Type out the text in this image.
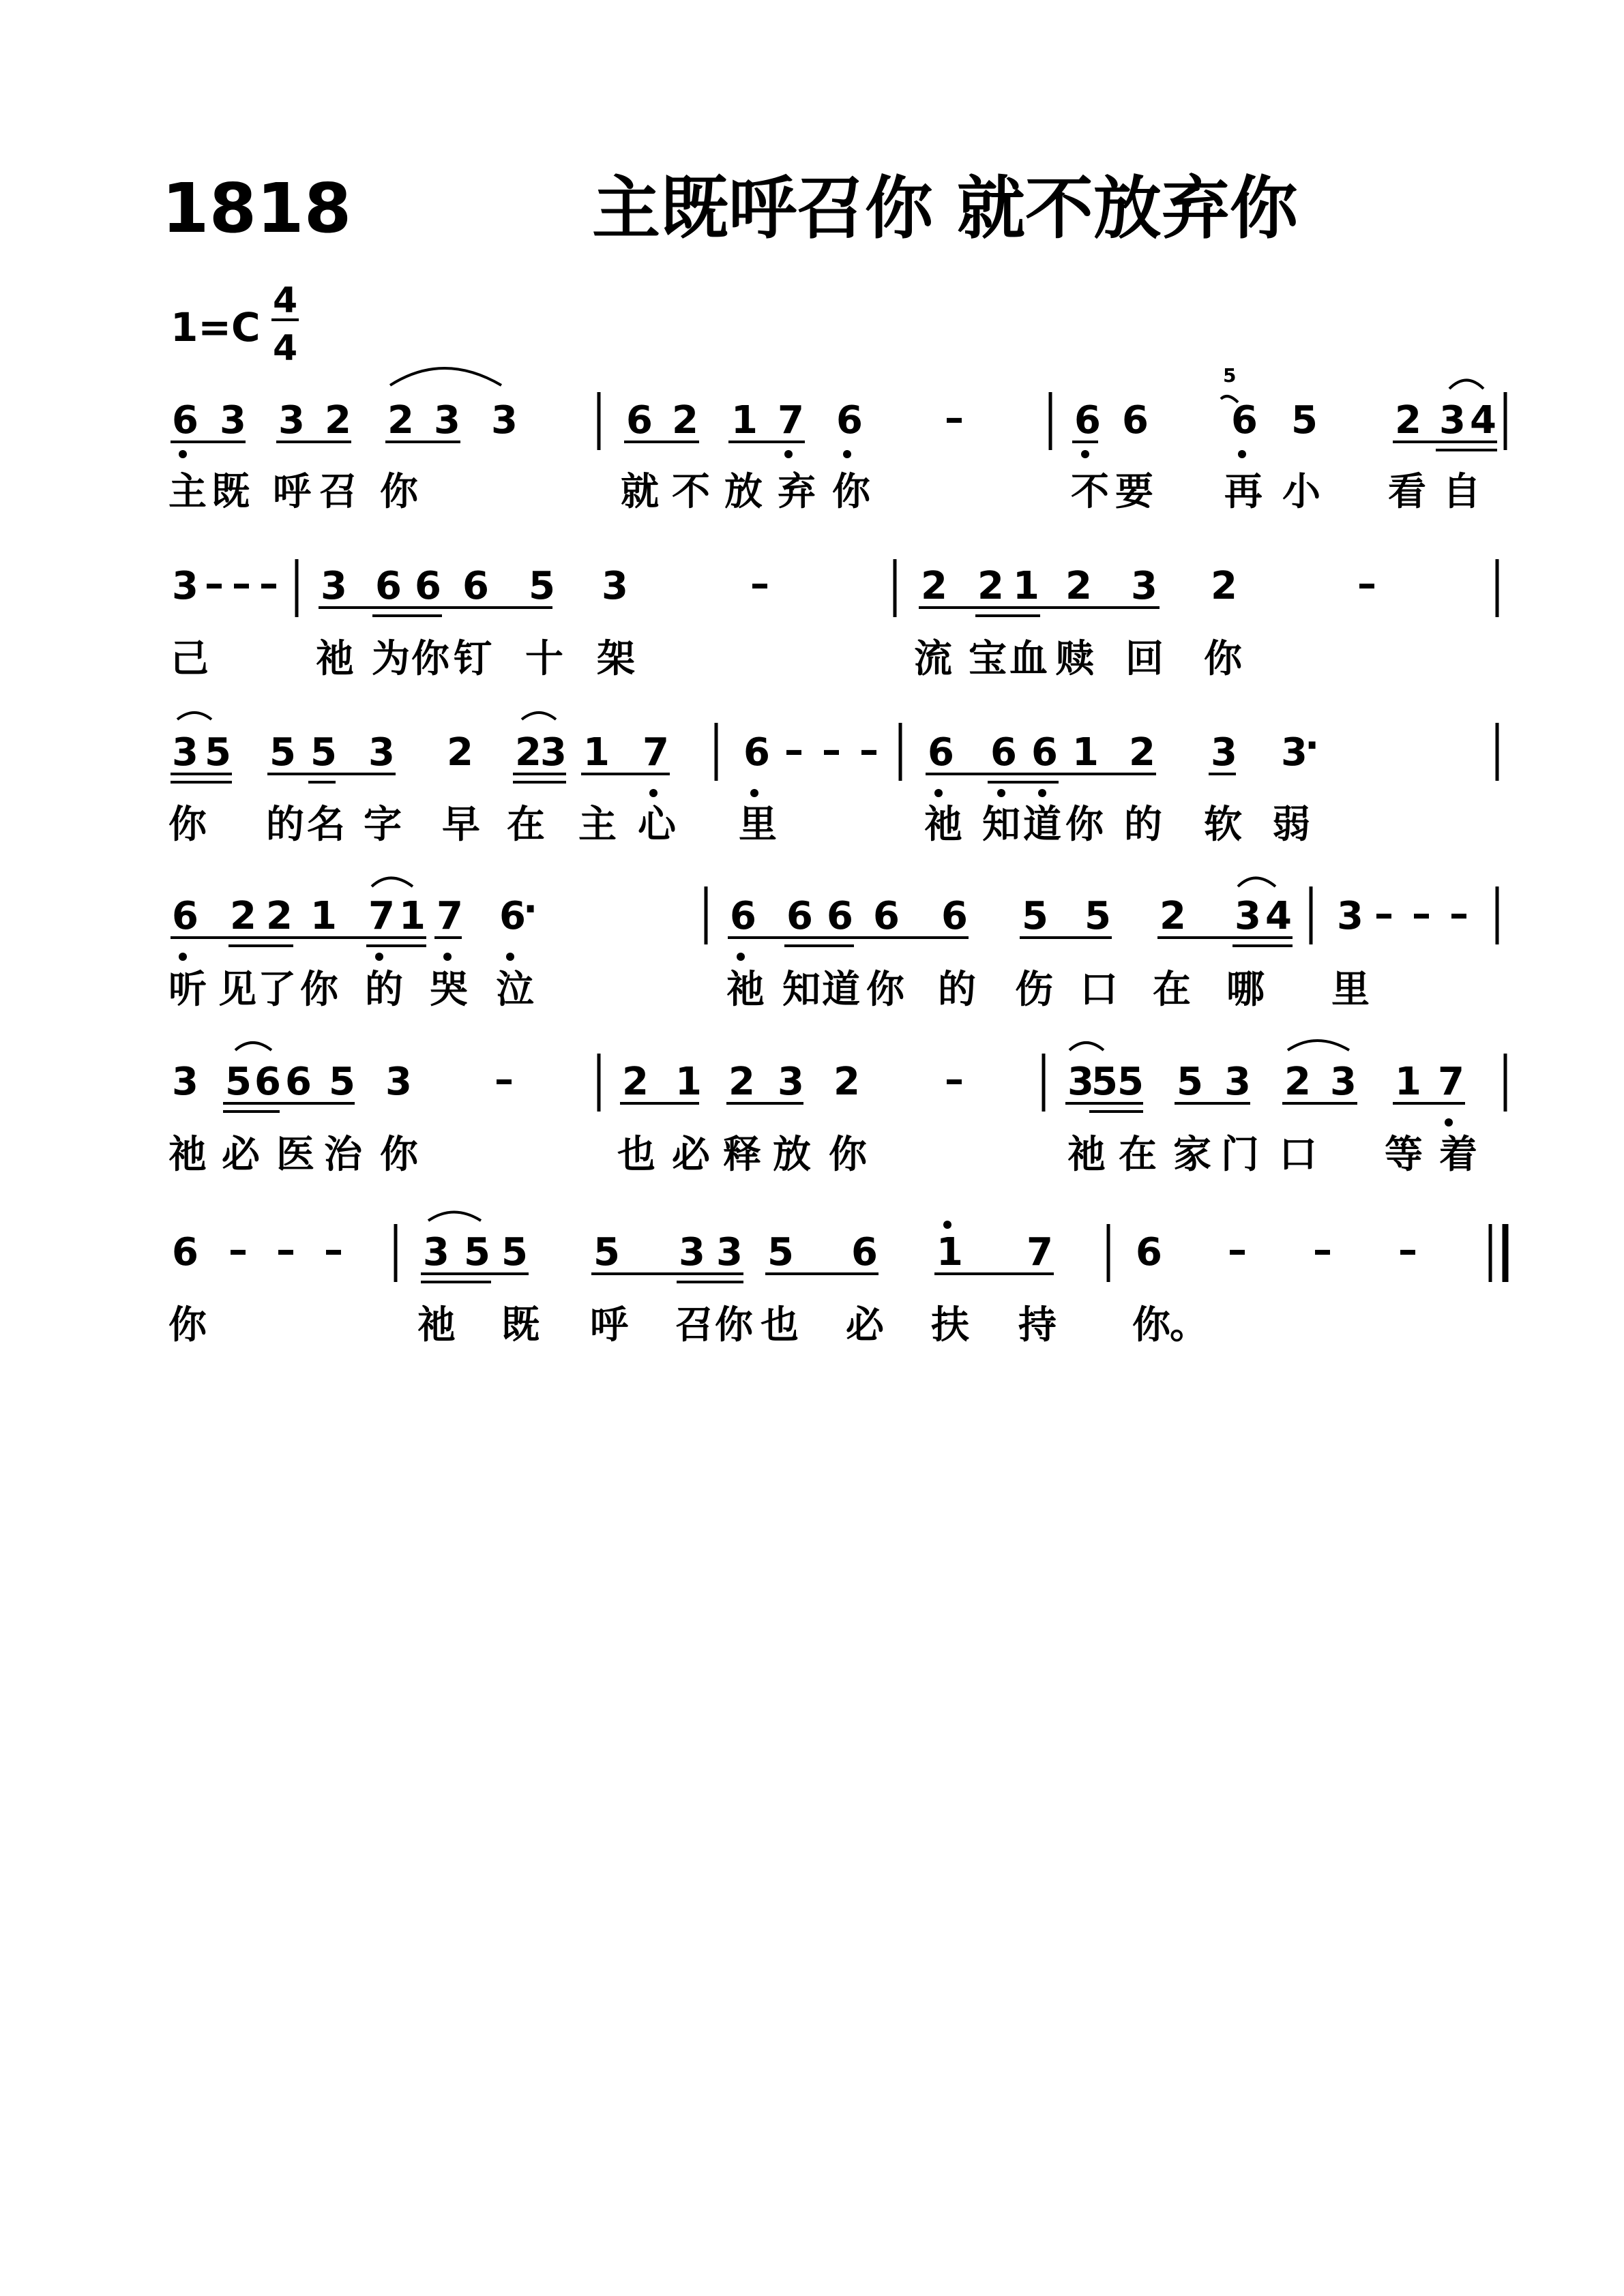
1818	主既呼召你 就不放弃你
1=C
4
4
6 3 3 2 2 3 3	6 2 1 7 6 –	6 6 6 5 2 3 4
5
主 既 呼 召 你	就 不 放 弃 你	不 要 再 小 看 自
3 – – – 3 6 6 6 5 3	–	2 2 1 2 3 2	–
己	祂 为 你 钉 十 架	流 宝 血 赎 回 你
3 5 5 5 3 2 2
3 1 7 6 – – – 6 6 6 1 2 3 3
·
你 的 名 字 早 在 主 心 里	祂 知 道 你 的 软 弱
6 2 2 1 7 1 7 6
·	6 6 6 6 6 5 5 2 3 4 3 – – –
听 见 了 你 的 哭 泣	祂 知 道 你 的 伤 口 在 哪 里
3 5 6 6 5 3 –	2 1 2 3 2 –	3
5 5 5 3 2 3 1 7
祂 必 医 治 你	也 必 释 放 你	祂 在 家 门 口 等 着
6 – – – 3 5 5 5 3 3 5 6 1 7 6 – – –
你	祂 既 呼 召 你 也 必 扶 持 你 。
